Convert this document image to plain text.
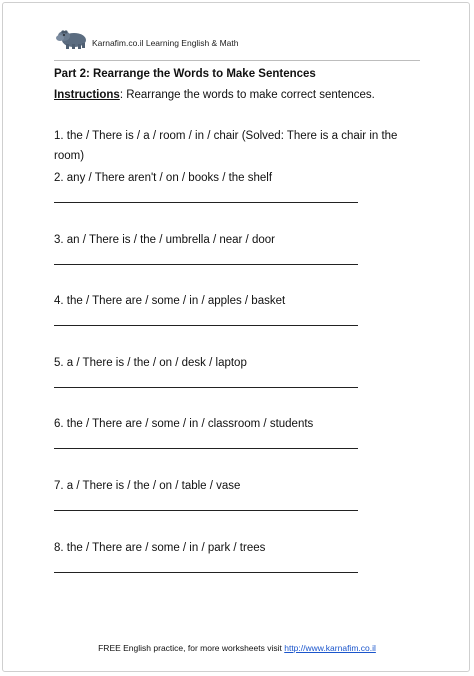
Karnafim.co.il Learning English & Math
Part 2: Rearrange the Words to Make Sentences
Instructions: Rearrange the words to make correct sentences.
1. the / There is / a / room / in / chair (Solved: There is a chair in the room)
2. any / There aren't / on / books / the shelf
3. an / There is / the / umbrella / near / door
4. the / There are / some / in / apples / basket
5. a / There is / the / on / desk / laptop
6. the / There are / some / in / classroom / students
7. a / There is / the / on / table / vase
8. the / There are / some / in / park / trees
FREE English practice, for more worksheets visit http://www.karnafim.co.il
